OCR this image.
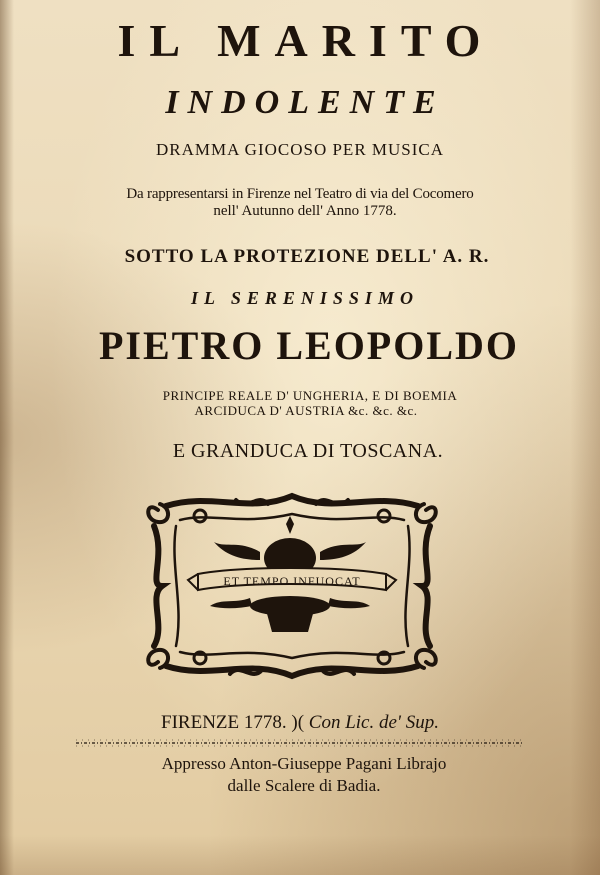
IL MARITO
INDOLENTE
DRAMMA GIOCOSO PER MUSICA
Da rappresentarsi in Firenze nel Teatro di via del Cocomero
nell' Autunno dell' Anno 1778.
SOTTO LA PROTEZIONE DELL' A. R.
IL SERENISSIMO
PIETRO LEOPOLDO
PRINCIPE REALE D' UNGHERIA, E DI BOEMIA
ARCIDUCA D' AUSTRIA &c. &c. &c.
E GRANDUCA DI TOSCANA.
ET TEMPO INFUOCAT
FIRENZE 1778. )( Con Lic. de' Sup.
Appresso Anton-Giuseppe Pagani Librajo
dalle Scalere di Badia.
